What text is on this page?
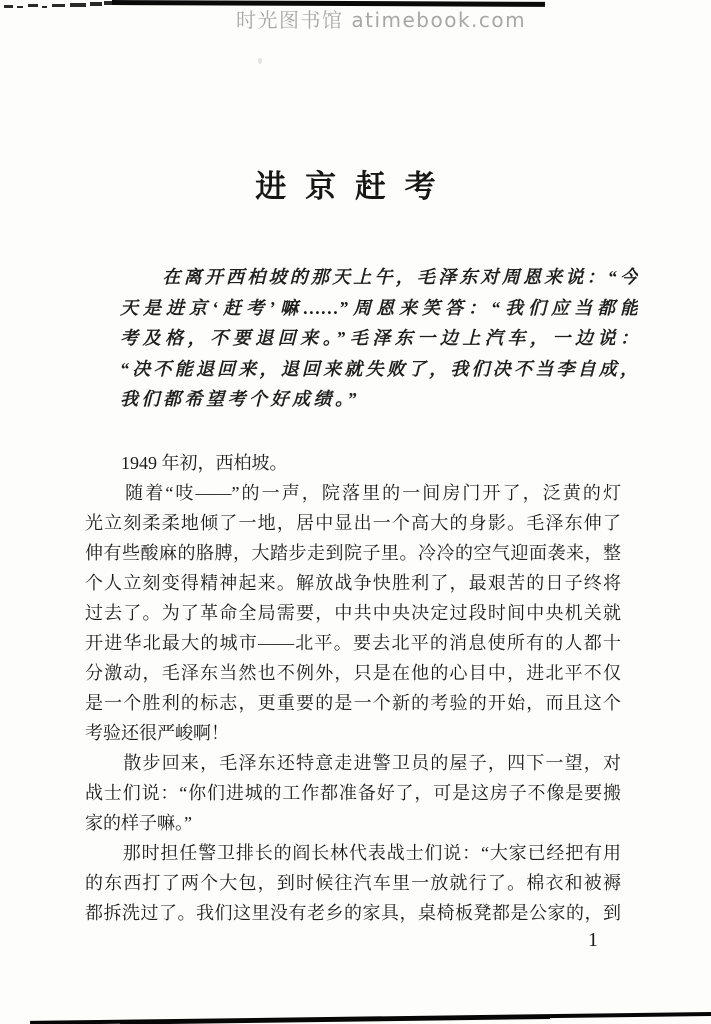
时光图书馆 atimebook.com
进 京 赶 考
　　在离开西柏坡的那天上午，毛泽东对周恩来说：“今
天是进京‘赶考’嘛……”周恩来笑答：“我们应当都能
考及格，不要退回来。”毛泽东一边上汽车，一边说：
“决不能退回来，退回来就失败了，我们决不当李自成，
我们都希望考个好成绩。”
　　1949 年初，西柏坡。
　　随着“吱——”的一声，院落里的一间房门开了，泛黄的灯
光立刻柔柔地倾了一地，居中显出一个高大的身影。毛泽东伸了
伸有些酸麻的胳膊，大踏步走到院子里。冷冷的空气迎面袭来，整
个人立刻变得精神起来。解放战争快胜利了，最艰苦的日子终将
过去了。为了革命全局需要，中共中央决定过段时间中央机关就
开进华北最大的城市——北平。要去北平的消息使所有的人都十
分激动，毛泽东当然也不例外，只是在他的心目中，进北平不仅
是一个胜利的标志，更重要的是一个新的考验的开始，而且这个
考验还很严峻啊！
　　散步回来，毛泽东还特意走进警卫员的屋子，四下一望，对
战士们说：“你们进城的工作都准备好了，可是这房子不像是要搬
家的样子嘛。”
　　那时担任警卫排长的阎长林代表战士们说：“大家已经把有用
的东西打了两个大包，到时候往汽车里一放就行了。棉衣和被褥
都拆洗过了。我们这里没有老乡的家具，桌椅板凳都是公家的，到
1
